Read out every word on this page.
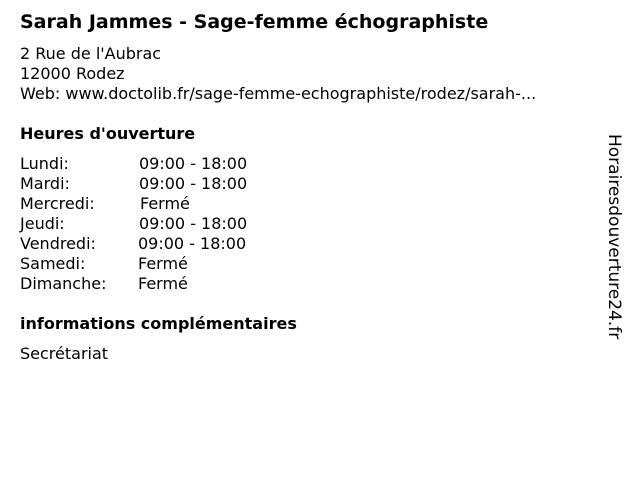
Sarah Jammes - Sage-femme échographiste
2 Rue de l'Aubrac
12000 Rodez
Web: www.doctolib.fr/sage-femme-echographiste/rodez/sarah-...
Heures d'ouverture
Lundi:	09:00 - 18:00
Mardi:	09:00 - 18:00
Mercredi:	Fermé
Jeudi:	09:00 - 18:00
Vendredi:	09:00 - 18:00
Samedi:	Fermé
Dimanche: Fermé
informations complémentaires
Secrétariat
Horairesdouverture24.fr
